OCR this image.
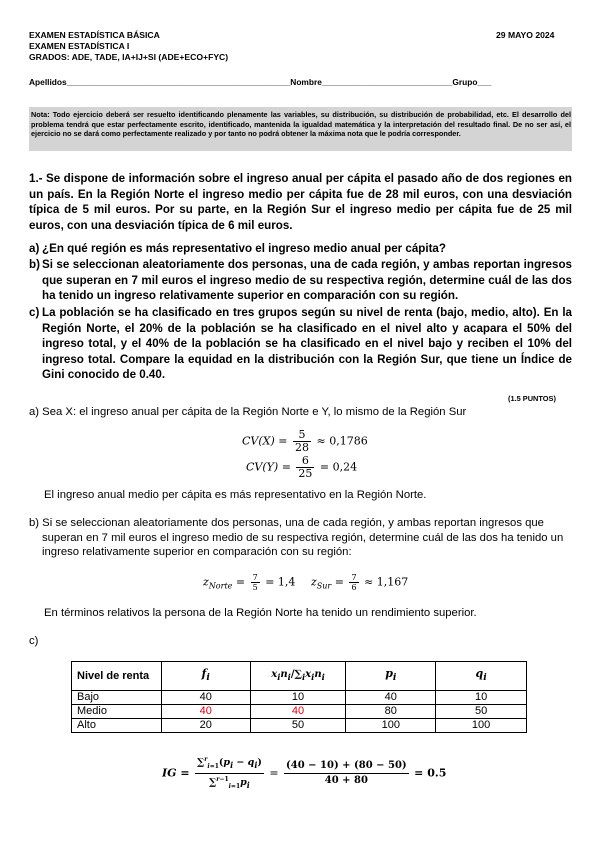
EXAMEN ESTADÍSTICA BÁSICA
EXAMEN ESTADÍSTICA I
GRADOS: ADE, TADE, IA+IJ+SI (ADE+ECO+FYC)
29 MAYO 2024
Apellidos________________________________________________Nombre____________________________Grupo___
Nota: Todo ejercicio deberá ser resuelto identificando plenamente las variables, su distribución, su distribución de probabilidad, etc. El desarrollo del problema tendrá que estar perfectamente escrito, identificado, mantenida la igualdad matemática y la interpretación del resultado final. De no ser así, el ejercicio no se dará como perfectamente realizado y por tanto no podrá obtener la máxima nota que le podría corresponder.
1.- Se dispone de información sobre el ingreso anual per cápita el pasado año de dos regiones en un país. En la Región Norte el ingreso medio per cápita fue de 28 mil euros, con una desviación típica de 5 mil euros. Por su parte, en la Región Sur el ingreso medio per cápita fue de 25 mil euros, con una desviación típica de 6 mil euros.
a) ¿En qué región es más representativo el ingreso medio anual per cápita?
b) Si se seleccionan aleatoriamente dos personas, una de cada región, y ambas reportan ingresos que superan en 7 mil euros el ingreso medio de su respectiva región, determine cuál de las dos ha tenido un ingreso relativamente superior en comparación con su región.
c) La población se ha clasificado en tres grupos según su nivel de renta (bajo, medio, alto). En la Región Norte, el 20% de la población se ha clasificado en el nivel alto y acapara el 50% del ingreso total, y el 40% de la población se ha clasificado en el nivel bajo y reciben el 10% del ingreso total. Compare la equidad en la distribución con la Región Sur, que tiene un Índice de Gini conocido de 0.40.
(1.5 PUNTOS)
a) Sea X: el ingreso anual per cápita de la Región Norte e Y, lo mismo de la Región Sur
$CV(X) = \frac{5}{28} \approx 0,1786$
$CV(Y) = \frac{6}{25} = 0,24$
El ingreso anual medio per cápita es más representativo en la Región Norte.
b) Si se seleccionan aleatoriamente dos personas, una de cada región, y ambas reportan ingresos que superan en 7 mil euros el ingreso medio de su respectiva región, determine cuál de las dos ha tenido un ingreso relativamente superior en comparación con su región:
$z_{Norte} = \frac{7}{5} = 1,4$ $z_{Sur} = \frac{7}{6} \approx 1,167$
En términos relativos la persona de la Región Norte ha tenido un rendimiento superior.
c)
Nivel de renta	$f_i$	$x_in_i/\sum_ix_in_i$	$p_i$	$q_i$
Bajo	40	10	40	10
Medio	40	40	80	50
Alto	20	50	100	100
IG = $\frac{\sum^r_{i=1}(p_i - q_i)}{\sum^{r-1}_{i=1}p_i} = \frac{(40 - 10) + (80 - 50)}{40 + 80} = 0.5$
